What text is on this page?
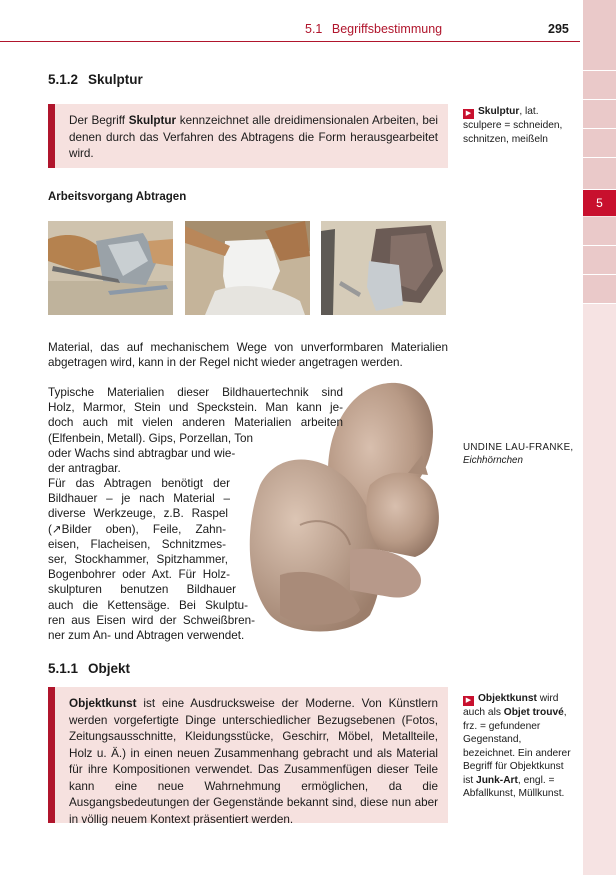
5.1 Begriffsbestimmung	295
5
5.1.2 Skulptur
Der Begriff Skulptur kennzeichnet alle dreidimensionalen Arbeiten, bei denen durch das Verfahren des Abtragens die Form herausgearbeitet wird.
▶ Skulptur, lat. sculpere = schneiden, schnitzen, meißeln
Arbeitsvorgang Abtragen
Material, das auf mechanischem Wege von unverformbaren Materialien abgetragen wird, kann in der Regel nicht wieder angetragen werden.
Typische Materialien dieser Bildhauertechnik sind
Holz, Marmor, Stein und Speckstein. Man kann je-
doch auch mit vielen anderen Materialien arbeiten
(Elfenbein, Metall). Gips, Porzellan, Ton
oder Wachs sind abtragbar und wie-
der antragbar.
Für das Abtragen benötigt der
Bildhauer – je nach Material –
diverse Werkzeuge, z.B. Raspel
(↗Bilder oben), Feile, Zahn-
eisen, Flacheisen, Schnitzmes-
ser, Stockhammer, Spitzhammer,
Bogenbohrer oder Axt. Für Holz-
skulpturen benutzen Bildhauer
auch die Kettensäge. Bei Skulptu-
ren aus Eisen wird der Schweißbren-
ner zum An- und Abtragen verwendet.
UNDINE LAU-FRANKE,
Eichhörnchen
5.1.1 Objekt
Objektkunst ist eine Ausdrucksweise der Moderne. Von Künstlern werden vorgefertigte Dinge unterschiedlicher Bezugsebenen (Fotos, Zeitungsausschnitte, Kleidungsstücke, Geschirr, Möbel, Metallteile, Holz u. Ä.) in einen neuen Zusammenhang gebracht und als Material für ihre Kompositionen verwendet. Das Zusammenfügen dieser Teile kann eine neue Wahrnehmung ermöglichen, da die Ausgangsbedeutungen der Gegenstände bekannt sind, diese nun aber in völlig neuem Kontext präsentiert werden.
▶ Objektkunst wird auch als Objet trouvé, frz. = gefundener Gegenstand, bezeichnet. Ein anderer Begriff für Objektkunst ist Junk-Art, engl. = Abfallkunst, Müllkunst.
